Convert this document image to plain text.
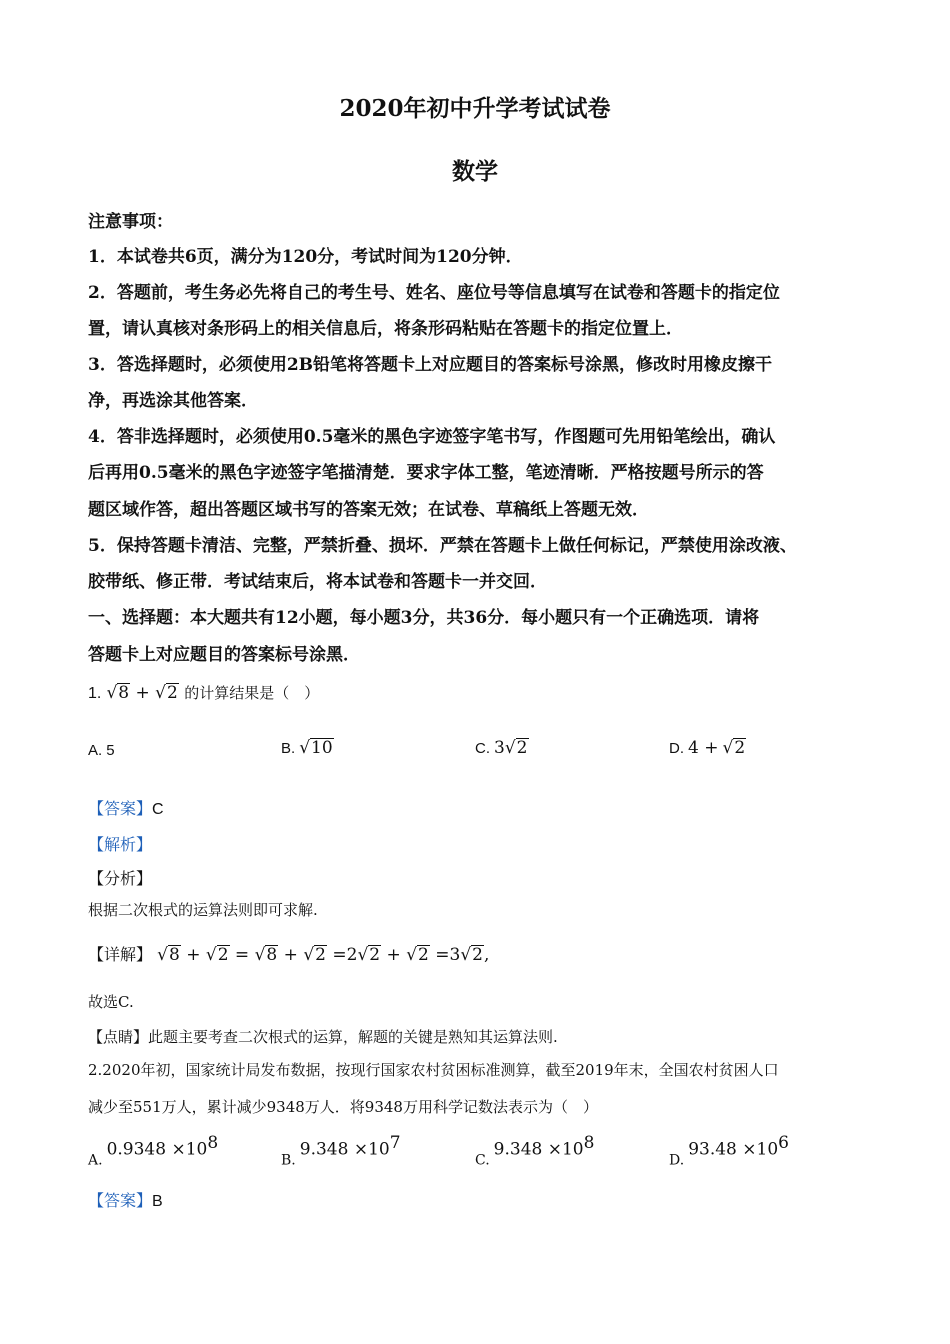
2020年初中升学考试试卷
数学
注意事项：
1．本试卷共6页，满分为120分，考试时间为120分钟．
2．答题前，考生务必先将自己的考生号、姓名、座位号等信息填写在试卷和答题卡的指定位
置，请认真核对条形码上的相关信息后，将条形码粘贴在答题卡的指定位置上．
3．答选择题时，必须使用2B铅笔将答题卡上对应题目的答案标号涂黑，修改时用橡皮擦干
净，再选涂其他答案．
4．答非选择题时，必须使用0.5毫米的黑色字迹签字笔书写，作图题可先用铅笔绘出，确认
后再用0.5毫米的黑色字迹签字笔描清楚．要求字体工整，笔迹清晰．严格按题号所示的答
题区域作答，超出答题区域书写的答案无效；在试卷、草稿纸上答题无效．
5．保持答题卡清洁、完整，严禁折叠、损坏．严禁在答题卡上做任何标记，严禁使用涂改液、
胶带纸、修正带．考试结束后，将本试卷和答题卡一并交回．
一、选择题：本大题共有12小题，每小题3分，共36分．每小题只有一个正确选项．请将
答题卡上对应题目的答案标号涂黑．
1. √8 + √2 的计算结果是（　）
A. 5	B. √10	C. 3√2	D. 4 + √2
【答案】C
【解析】
【分析】
根据二次根式的运算法则即可求解.
【详解】 √8 + √2 = √8 + √2 =2√2 + √2 =3√2,
故选C.
【点睛】此题主要考查二次根式的运算，解题的关键是熟知其运算法则.
2.2020年初，国家统计局发布数据，按现行国家农村贫困标准测算，截至2019年末，全国农村贫困人口
减少至551万人，累计减少9348万人．将9348万用科学记数法表示为（　）
A. $0.9348 \times 10^8$
B. $9.348 \times 10^7$
C. $9.348 \times 10^8$
D. $93.48 \times 10^6$
【答案】B
